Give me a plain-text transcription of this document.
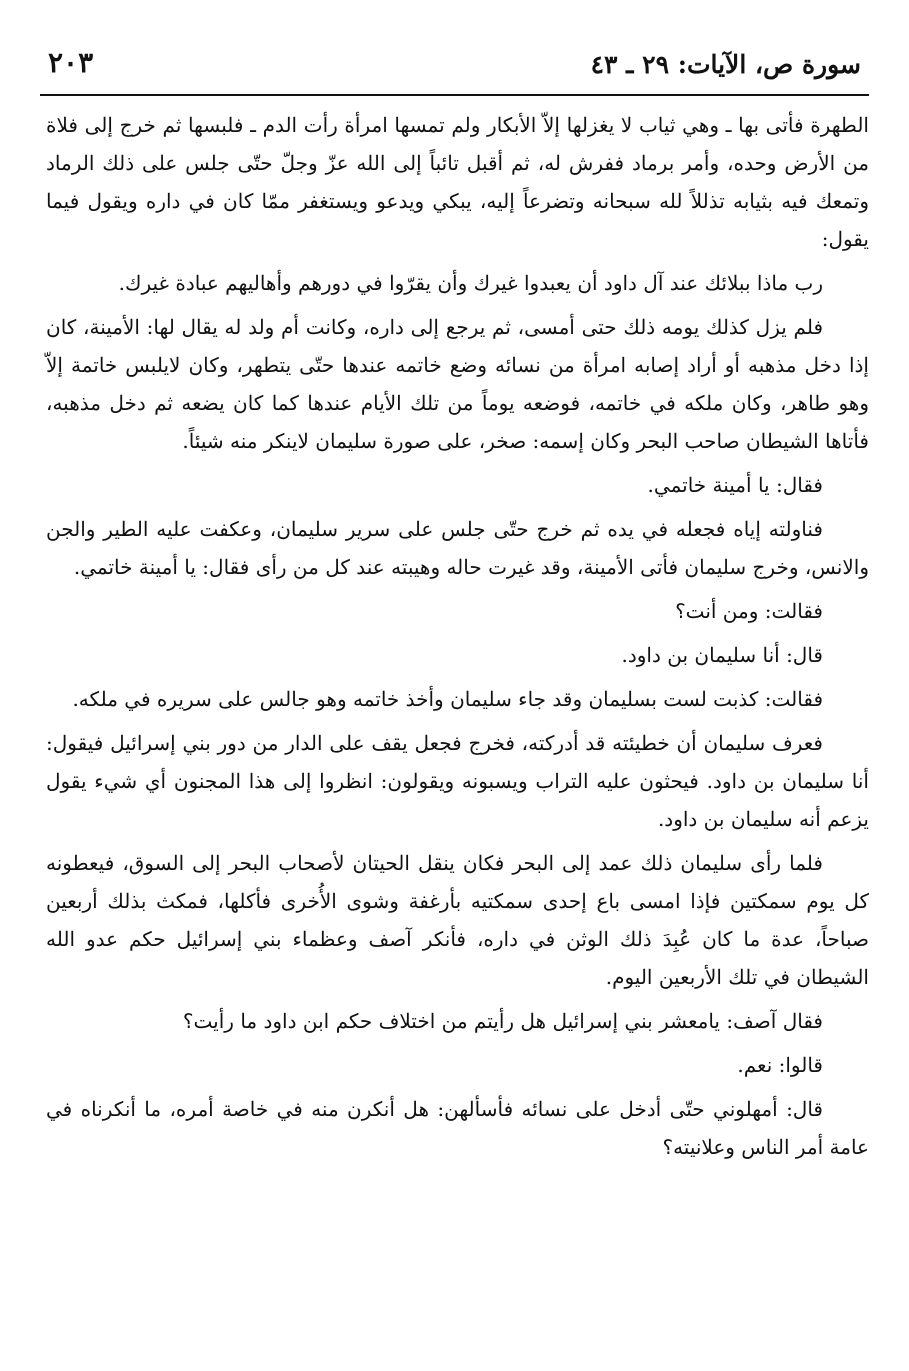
سورة ص، الآيات: ٢٩ ـ ٤٣
٢٠٣

الطهرة فأتى بها ـ وهي ثياب لا يغزلها إلاّ الأبكار ولم تمسها امرأة رأت الدم ـ فلبسها ثم خرج إلى فلاة من الأرض وحده، وأمر برماد ففرش له، ثم أقبل تائباً إلى الله عزّ وجلّ حتّى جلس على ذلك الرماد وتمعك فيه بثيابه تذللاً لله سبحانه وتضرعاً إليه، يبكي ويدعو ويستغفر ممّا كان في داره ويقول فيما يقول:

رب ماذا ببلائك عند آل داود أن يعبدوا غيرك وأن يقرّوا في دورهم وأهاليهم عبادة غيرك.

فلم يزل كذلك يومه ذلك حتى أمسى، ثم يرجع إلى داره، وكانت أم ولد له يقال لها: الأمينة، كان إذا دخل مذهبه أو أراد إصابه امرأة من نسائه وضع خاتمه عندها حتّى يتطهر، وكان لايلبس خاتمة إلاّ وهو طاهر، وكان ملكه في خاتمه، فوضعه يوماً من تلك الأيام عندها كما كان يضعه ثم دخل مذهبه، فأتاها الشيطان صاحب البحر وكان إسمه: صخر، على صورة سليمان لاينكر منه شيئاً.

فقال: يا أمينة خاتمي.

فناولته إياه فجعله في يده ثم خرج حتّى جلس على سرير سليمان، وعكفت عليه الطير والجن والانس، وخرج سليمان فأتى الأمينة، وقد غيرت حاله وهيبته عند كل من رأى فقال: يا أمينة خاتمي.

فقالت: ومن أنت؟

قال: أنا سليمان بن داود.

فقالت: كذبت لست بسليمان وقد جاء سليمان وأخذ خاتمه وهو جالس على سريره في ملكه.

فعرف سليمان أن خطيئته قد أدركته، فخرج فجعل يقف على الدار من دور بني إسرائيل فيقول: أنا سليمان بن داود. فيحثون عليه التراب ويسبونه ويقولون: انظروا إلى هذا المجنون أي شيء يقول يزعم أنه سليمان بن داود.

فلما رأى سليمان ذلك عمد إلى البحر فكان ينقل الحيتان لأصحاب البحر إلى السوق، فيعطونه كل يوم سمكتين فإذا امسى باع إحدى سمكتيه بأرغفة وشوى الأُخرى فأكلها، فمكث بذلك أربعين صباحاً، عدة ما كان عُبِدَ ذلك الوثن في داره، فأنكر آصف وعظماء بني إسرائيل حكم عدو الله الشيطان في تلك الأربعين اليوم.

فقال آصف: يامعشر بني إسرائيل هل رأيتم من اختلاف حكم ابن داود ما رأيت؟

قالوا: نعم.

قال: أمهلوني حتّى أدخل على نسائه فأسألهن: هل أنكرن منه في خاصة أمره، ما أنكرناه في عامة أمر الناس وعلانيته؟
